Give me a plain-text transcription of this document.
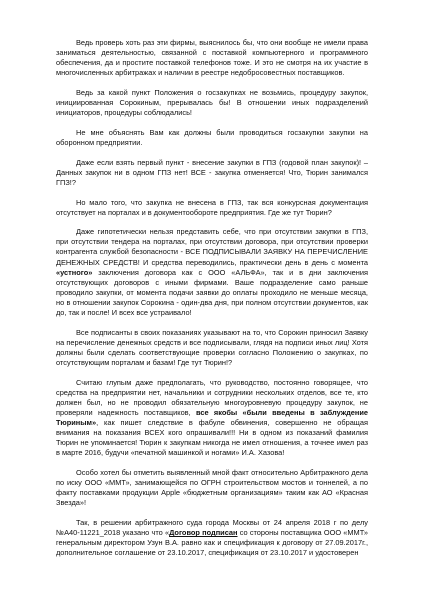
Ведь проверь хоть раз эти фирмы, выяснилось бы, что они вообще не имели права заниматься деятельностью, связанной с поставкой компьютерного и программного обеспечения, да и простите поставкой телефонов тоже. И это не смотря на их участие в многочисленных арбитражах и наличии в реестре недобросовестных поставщиков.

Ведь за какой пункт Положения о госзакупках не возьмись, процедуру закупок, инициированная Сорокиным, прерывалась бы! В отношении иных подразделений инициаторов, процедуры соблюдались!

Не мне объяснять Вам как должны были проводиться госзакупки закупки на оборонном предприятии.

Даже если взять первый пункт - внесение закупки в ГПЗ (годовой план закупок)! – Данных закупок ни в одном ГПЗ нет! ВСЕ - закупка отменяется! Что, Тюрин занимался ГПЗ!?

Но мало того, что закупка не внесена в ГПЗ, так вся конкурсная документация отсутствует на порталах и в документообороте предприятия. Где же тут Тюрин?

Даже гипотетически нельзя представить себе, что при отсутствии закупки в ГПЗ, при отсутствии тендера на порталах, при отсутствии договора, при отсутствии проверки контрагента службой безопасности - ВСЕ ПОДПИСЫВАЛИ ЗАЯВКУ НА ПЕРЕЧИСЛЕНИЕ ДЕНЕЖНЫХ СРЕДСТВ! И средства переводились, практически день в день с момента «устного» заключения договора как с ООО «АЛЬФА», так и в дни заключения отсутствующих договоров с иными фирмами. Ваше подразделение само раньше проводило закупки, от момента подачи заявки до оплаты проходило не меньше месяца, но в отношении закупок Сорокина - один-два дня, при полном отсутствии документов, как до, так и после! И всех все устраивало!

Все подписанты в своих показаниях указывают на то, что Сорокин приносил Заявку на перечисление денежных средств и все подписывали, глядя на подписи иных лиц! Хотя должны были сделать соответствующие проверки согласно Положению о закупках, по отсутствующим порталам и базам! Где тут Тюрин!?

Считаю глупым даже предполагать, что руководство, постоянно говорящее, что средства на предприятии нет, начальники и сотрудники нескольких отделов, все те, кто должен был, но не проводил обязательную многоуровневую процедуру закупок, не проверяли надежность поставщиков, все якобы «были введены в заблуждение Тюриным», как пишет следствие в фабуле обвинения, совершенно не обращая внимания на показания ВСЕХ кого опрашивали!!! Ни в одном из показаний фамилия Тюрин не упоминается! Тюрин к закупкам никогда не имел отношения, а точнее имел раз в марте 2016, будучи «печатной машинкой и ногами» И.А. Хазова!

Особо хотел бы отметить выявленный мной факт относительно Арбитражного дела по иску ООО «ММТ», занимающейся по ОГРН строительством мостов и тоннелей, а по факту поставками продукции Apple «бюджетным организациям» таким как АО «Красная Звезда»!

Так, в решении арбитражного суда города Москвы от 24 апреля 2018 г по делу №А40-11221_2018 указано что «Договор подписан со стороны поставщика ООО «ММТ» генеральным директором Узун В.А. равно как и спецификация к договору от 27.09.2017г., дополнительное соглашение от 23.10.2017, спецификация от 23.10.2017 и удостоверен
